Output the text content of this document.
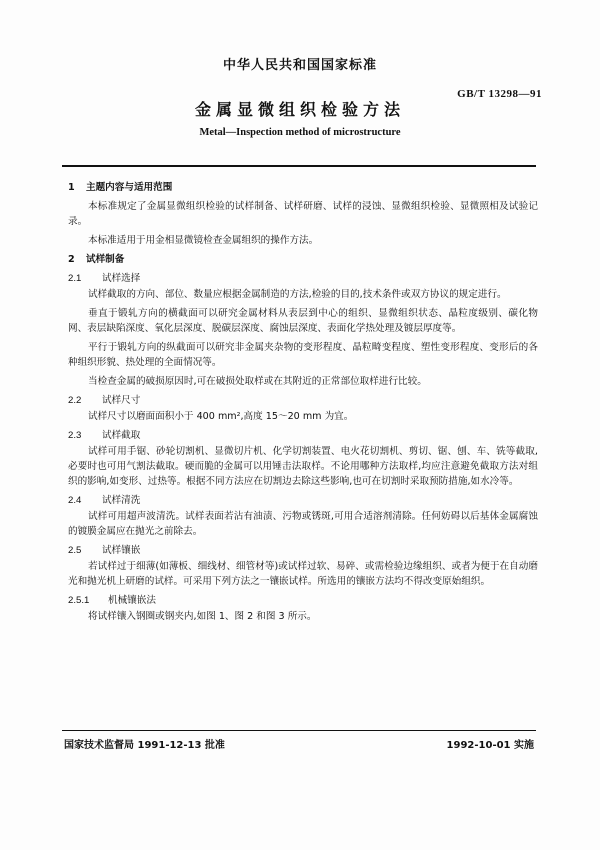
中华人民共和国国家标准
GB/T 13298—91
金属显微组织检验方法
Metal—Inspection method of microstructure
1 主题内容与适用范围

本标准规定了金属显微组织检验的试样制备、试样研磨、试样的浸蚀、显微组织检验、显微照相及试验记录。

本标准适用于用金相显微镜检查金属组织的操作方法。

2 试样制备
2.1 试样选择

试样截取的方向、部位、数量应根据金属制造的方法,检验的目的,技术条件或双方协议的规定进行。

垂直于锻轧方向的横截面可以研究金属材料从表层到中心的组织、显微组织状态、晶粒度级别、碳化物网、表层缺陷深度、氧化层深度、脱碳层深度、腐蚀层深度、表面化学热处理及镀层厚度等。

平行于锻轧方向的纵截面可以研究非金属夹杂物的变形程度、晶粒畸变程度、塑性变形程度、变形后的各种组织形貌、热处理的全面情况等。

当检查金属的破损原因时,可在破损处取样或在其附近的正常部位取样进行比较。

2.2 试样尺寸

试样尺寸以磨面面积小于 400 mm²,高度 15～20 mm 为宜。

2.3 试样截取

试样可用手锯、砂轮切割机、显微切片机、化学切割装置、电火花切割机、剪切、锯、刨、车、铣等截取,必要时也可用气割法截取。硬而脆的金属可以用锤击法取样。不论用哪种方法取样,均应注意避免截取方法对组织的影响,如变形、过热等。根据不同方法应在切割边去除这些影响,也可在切割时采取预防措施,如水冷等。

2.4 试样清洗

试样可用超声波清洗。试样表面若沾有油渍、污物或锈斑,可用合适溶剂清除。任何妨碍以后基体金属腐蚀的镀膜金属应在抛光之前除去。

2.5 试样镶嵌

若试样过于细薄(如薄板、细线材、细管材等)或试样过软、易碎、或需检验边缘组织、或者为便于在自动磨光和抛光机上研磨的试样。可采用下列方法之一镶嵌试样。所选用的镶嵌方法均不得改变原始组织。

2.5.1 机械镶嵌法

将试样镶入钢圈或钢夹内,如图 1、图 2 和图 3 所示。

国家技术监督局 1991-12-13 批准	1992-10-01 实施
